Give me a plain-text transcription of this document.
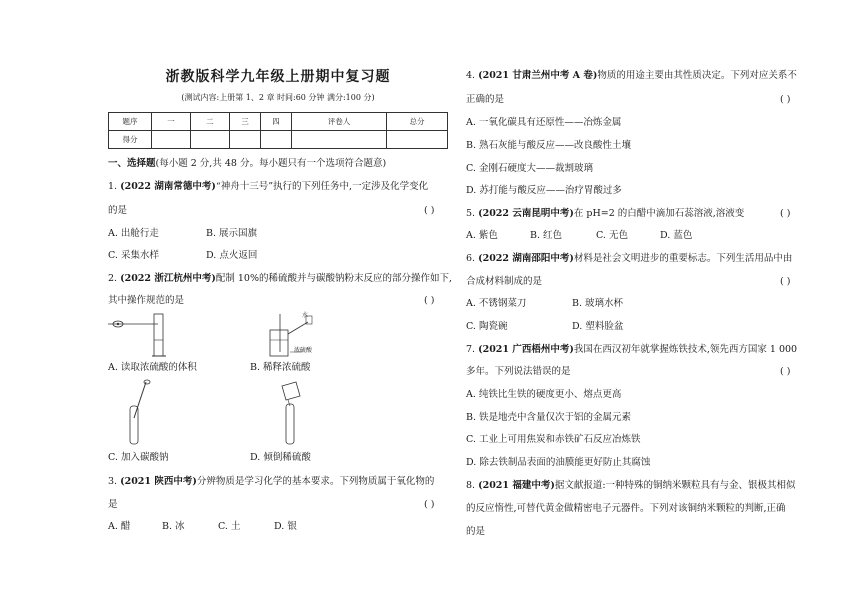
浙教版科学九年级上册期中复习题
(测试内容:上册第 1、2 章 时间:60 分钟 满分:100 分)
题序	一	二	三	四	评卷人	总分
得分						
一、选择题(每小题 2 分,共 48 分。每小题只有一个选项符合题意)
1. (2022 湖南常德中考)“神舟十三号”执行的下列任务中,一定涉及化学变化
的是	( )
A. 出舱行走	B. 展示国旗
C. 采集水样	D. 点火返回
2. (2022 浙江杭州中考)配制 10%的稀硫酸并与碳酸钠粉末反应的部分操作如下,
其中操作规范的是	( )
水
浓硫酸
A. 读取浓硫酸的体积	B. 稀释浓硫酸
C. 加入碳酸钠	D. 倾倒稀硫酸
3. (2021 陕西中考)分辨物质是学习化学的基本要求。下列物质属于氧化物的
是	( )
A. 醋	B. 冰	C. 土	D. 银
4. (2021 甘肃兰州中考 A 卷)物质的用途主要由其性质决定。下列对应关系不
正确的是	( )
A. 一氧化碳具有还原性——冶炼金属
B. 熟石灰能与酸反应——改良酸性土壤
C. 金刚石硬度大——裁割玻璃
D. 苏打能与酸反应——治疗胃酸过多
5. (2022 云南昆明中考)在 pH=2 的白醋中滴加石蕊溶液,溶液变	( )
A. 紫色	B. 红色	C. 无色	D. 蓝色
6. (2022 湖南邵阳中考)材料是社会文明进步的重要标志。下列生活用品中由
合成材料制成的是	( )
A. 不锈钢菜刀	B. 玻璃水杯
C. 陶瓷碗	D. 塑料脸盆
7. (2021 广西梧州中考)我国在西汉初年就掌握炼铁技术,领先西方国家 1 000
多年。下列说法错误的是	( )
A. 纯铁比生铁的硬度更小、熔点更高
B. 铁是地壳中含量仅次于铝的金属元素
C. 工业上可用焦炭和赤铁矿石反应冶炼铁
D. 除去铁制品表面的油膜能更好防止其腐蚀
8. (2021 福建中考)据文献报道:一种特殊的铜纳米颗粒具有与金、银极其相似
的反应惰性,可替代黄金做精密电子元器件。下列对该铜纳米颗粒的判断,正确
的是
